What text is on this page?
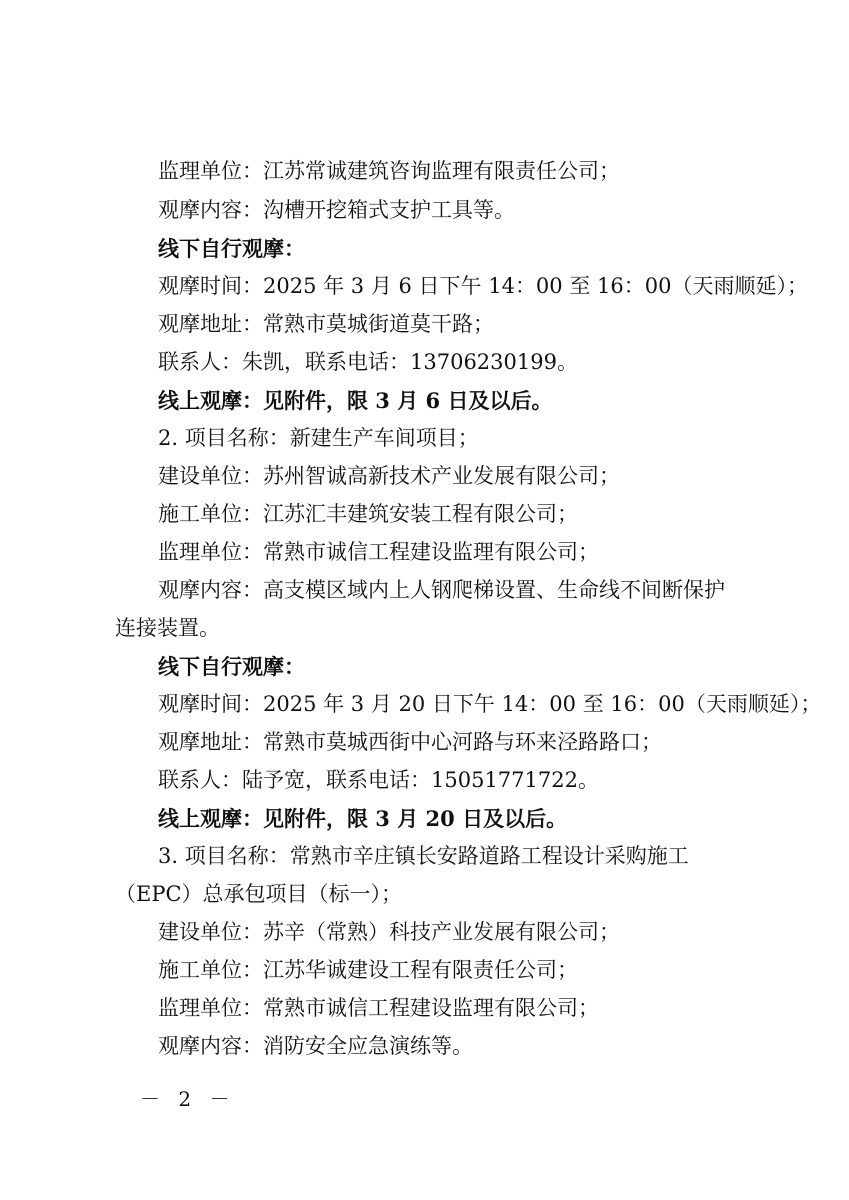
监理单位：江苏常诚建筑咨询监理有限责任公司；
观摩内容：沟槽开挖箱式支护工具等。
线下自行观摩：
观摩时间：2025 年 3 月 6 日下午 14：00 至 16：00（天雨顺延）；
观摩地址：常熟市莫城街道莫干路；
联系人：朱凯，联系电话：13706230199。
线上观摩：见附件，限 3 月 6 日及以后。
2. 项目名称：新建生产车间项目；
建设单位：苏州智诚高新技术产业发展有限公司；
施工单位：江苏汇丰建筑安装工程有限公司；
监理单位：常熟市诚信工程建设监理有限公司；
观摩内容：高支模区域内上人钢爬梯设置、生命线不间断保护连接装置。
线下自行观摩：
观摩时间：2025 年 3 月 20 日下午 14：00 至 16：00（天雨顺延）；
观摩地址：常熟市莫城西街中心河路与环来泾路路口；
联系人：陆予宽，联系电话：15051771722。
线上观摩：见附件，限 3 月 20 日及以后。
3. 项目名称：常熟市辛庄镇长安路道路工程设计采购施工（EPC）总承包项目（标一）；
建设单位：苏辛（常熟）科技产业发展有限公司；
施工单位：江苏华诚建设工程有限责任公司；
监理单位：常熟市诚信工程建设监理有限公司；
观摩内容：消防安全应急演练等。
－ 2 －
